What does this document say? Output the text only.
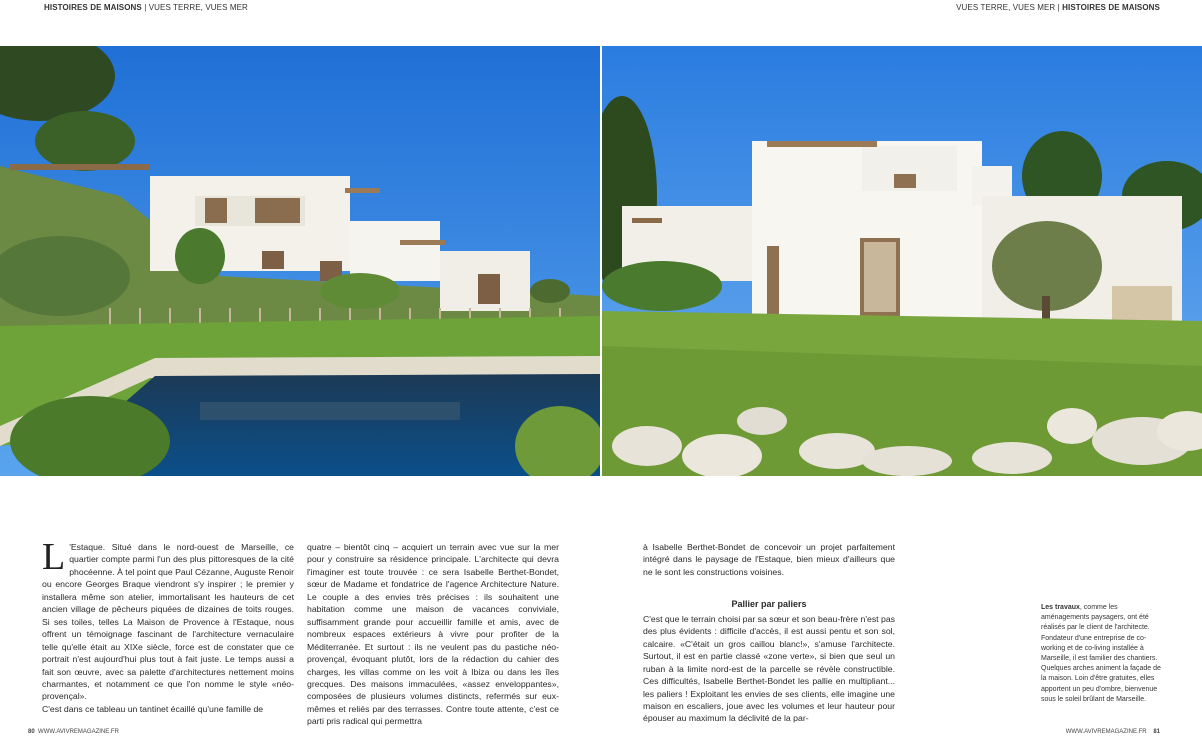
HISTOIRES DE MAISONS | VUES TERRE, VUES MER	VUES TERRE, VUES MER | HISTOIRES DE MAISONS
L 'Estaque. Situé dans le nord-ouest de Marseille, ce quartier compte parmi l'un des plus pittoresques de la cité phocéenne. À tel point que Paul Cézanne, Auguste Renoir ou encore Georges Braque viendront s'y inspirer ; le premier y installera même son atelier, immortalisant les hauteurs de cet ancien village de pêcheurs piquées de dizaines de toits rouges. Si ses toiles, telles La Maison de Provence à l'Estaque, nous offrent un témoignage fascinant de l'architecture vernaculaire telle qu'elle était au XIXe siècle, force est de constater que ce portrait n'est aujourd'hui plus tout à fait juste. Le temps aussi a fait son œuvre, avec sa palette d'architectures nettement moins charmantes, et notamment ce que l'on nomme le style «néo-provençal».

C'est dans ce tableau un tantinet écaillé qu'une famille de

quatre – bientôt cinq – acquiert un terrain avec vue sur la mer pour y construire sa résidence principale. L'architecte qui devra l'imaginer est toute trouvée : ce sera Isabelle Berthet-Bondet, sœur de Madame et fondatrice de l'agence Architecture Nature. Le couple a des envies très précises : ils souhaitent une habitation comme une maison de vacances conviviale, suffisamment grande pour accueillir famille et amis, avec de nombreux espaces extérieurs à vivre pour profiter de la Méditerranée. Et surtout : ils ne veulent pas du pastiche néo-provençal, évoquant plutôt, lors de la rédaction du cahier des charges, les villas comme on les voit à Ibiza ou dans les îles grecques. Des maisons immaculées, «assez enveloppantes», composées de plusieurs volumes distincts, refermés sur eux-mêmes et reliés par des terrasses. Contre toute attente, c'est ce parti pris radical qui permettra

à Isabelle Berthet-Bondet de concevoir un projet parfaitement intégré dans le paysage de l'Estaque, bien mieux d'ailleurs que ne le sont les constructions voisines.

Pallier par paliers

C'est que le terrain choisi par sa sœur et son beau-frère n'est pas des plus évidents : difficile d'accès, il est aussi pentu et son sol, calcaire. «C'était un gros caillou blanc!», s'amuse l'architecte. Surtout, il est en partie classé «zone verte», si bien que seul un ruban à la limite nord-est de la parcelle se révèle constructible. Ces difficultés, Isabelle Berthet-Bondet les pallie en multipliant... les paliers ! Exploitant les envies de ses clients, elle imagine une maison en escaliers, joue avec les volumes et leur hauteur pour épouser au maximum la déclivité de la par-

Les travaux, comme les aménagements paysagers, ont été réalisés par le client de l'architecte. Fondateur d'une entreprise de co-working et de co-living installée à Marseille, il est familier des chantiers. Quelques arches animent la façade de la maison. Loin d'être gratuites, elles apportent un peu d'ombre, bienvenue sous le soleil brûlant de Marseille.
80 WWW.AVIVREMAGAZINE.FR	WWW.AVIVREMAGAZINE.FR 81
